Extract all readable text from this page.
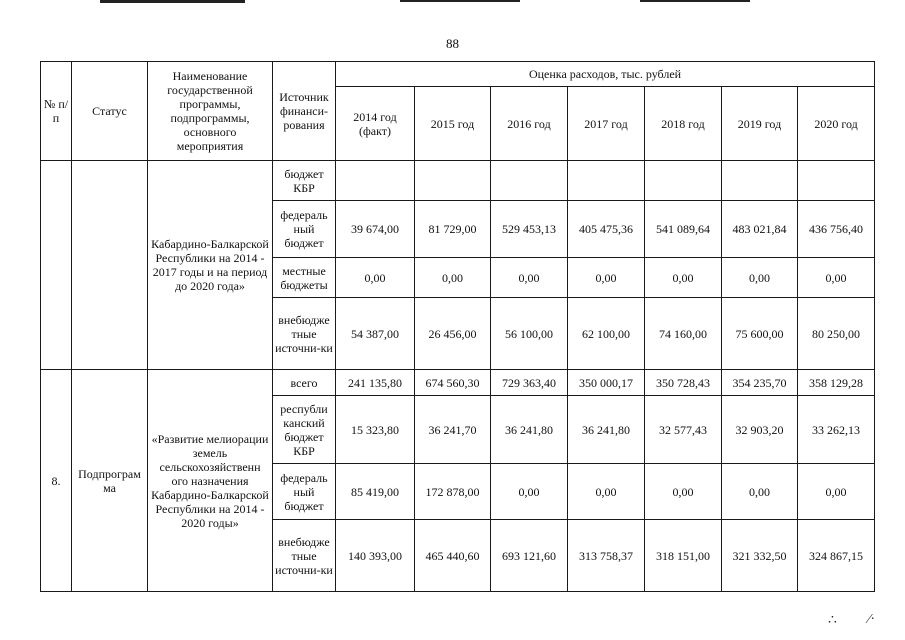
88
№ п/п	Статус	Наименование государственной программы, подпрограммы, основного мероприятия	Источник финанси-рования	Оценка расходов, тыс. рублей						
				2014 год (факт)	2015 год	2016 год	2017 год	2018 год	2019 год	2020 год
		Кабардино-Балкарской Республики на 2014 - 2017 годы и на период до 2020 года»	бюджет КБР							
			федераль ный бюджет	39 674,00	81 729,00	529 453,13	405 475,36	541 089,64	483 021,84	436 756,40
			местные бюджеты	0,00	0,00	0,00	0,00	0,00	0,00	0,00
			внебюдже тные источни-ки	54 387,00	26 456,00	56 100,00	62 100,00	74 160,00	75 600,00	80 250,00
8.	Подпрограм ма	«Развитие мелиорации земель сельскохозяйственн ого назначения Кабардино-Балкарской Республики на 2014 - 2020 годы»	всего	241 135,80	674 560,30	729 363,40	350 000,17	350 728,43	354 235,70	358 129,28
			республи канский бюджет КБР	15 323,80	36 241,70	36 241,80	36 241,80	32 577,43	32 903,20	33 262,13
			федераль ный бюджет	85 419,00	172 878,00	0,00	0,00	0,00	0,00	0,00
			внебюдже тные источни-ки	140 393,00	465 440,60	693 121,60	313 758,37	318 151,00	321 332,50	324 867,15
∴ ⁄·
